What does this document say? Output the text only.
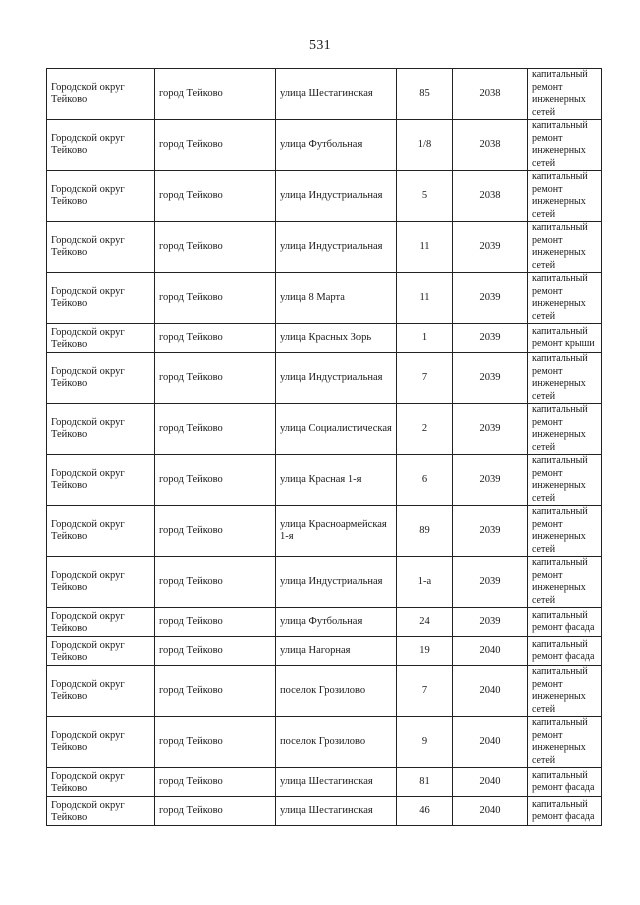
531
Городской округ Тейково	город Тейково	улица Шестагинская	85	2038	капитальный ремонт инженерных сетей
Городской округ Тейково	город Тейково	улица Футбольная	1/8	2038	капитальный ремонт инженерных сетей
Городской округ Тейково	город Тейково	улица Индустриальная	5	2038	капитальный ремонт инженерных сетей
Городской округ Тейково	город Тейково	улица Индустриальная	11	2039	капитальный ремонт инженерных сетей
Городской округ Тейково	город Тейково	улица 8 Марта	11	2039	капитальный ремонт инженерных сетей
Городской округ Тейково	город Тейково	улица Красных Зорь	1	2039	капитальный ремонт крыши
Городской округ Тейково	город Тейково	улица Индустриальная	7	2039	капитальный ремонт инженерных сетей
Городской округ Тейково	город Тейково	улица Социалистическая	2	2039	капитальный ремонт инженерных сетей
Городской округ Тейково	город Тейково	улица Красная 1-я	6	2039	капитальный ремонт инженерных сетей
Городской округ Тейково	город Тейково	улица Красноармейская 1-я	89	2039	капитальный ремонт инженерных сетей
Городской округ Тейково	город Тейково	улица Индустриальная	1-а	2039	капитальный ремонт инженерных сетей
Городской округ Тейково	город Тейково	улица Футбольная	24	2039	капитальный ремонт фасада
Городской округ Тейково	город Тейково	улица Нагорная	19	2040	капитальный ремонт фасада
Городской округ Тейково	город Тейково	поселок Грозилово	7	2040	капитальный ремонт инженерных сетей
Городской округ Тейково	город Тейково	поселок Грозилово	9	2040	капитальный ремонт инженерных сетей
Городской округ Тейково	город Тейково	улица Шестагинская	81	2040	капитальный ремонт фасада
Городской округ Тейково	город Тейково	улица Шестагинская	46	2040	капитальный ремонт фасада
